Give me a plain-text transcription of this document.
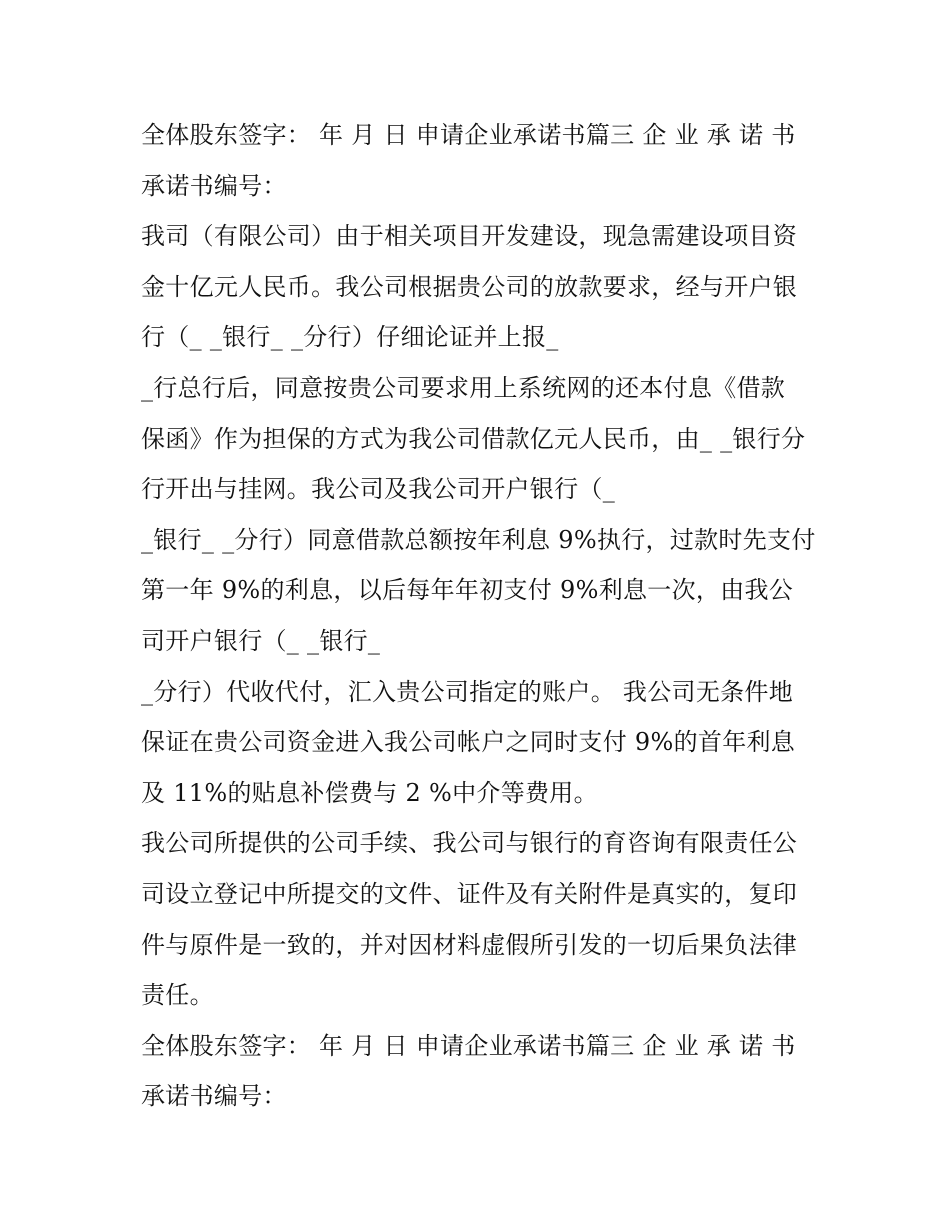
全体股东签字： 年 月 日 申请企业承诺书篇三 企 业 承 诺 书
承诺书编号：
我司（有限公司）由于相关项目开发建设，现急需建设项目资
金十亿元人民币。我公司根据贵公司的放款要求，经与开户银
行（_ _银行_ _分行）仔细论证并上报_
_行总行后，同意按贵公司要求用上系统网的还本付息《借款
保函》作为担保的方式为我公司借款亿元人民币，由_ _银行分
行开出与挂网。我公司及我公司开户银行（_
_银行_ _分行）同意借款总额按年利息 9%执行，过款时先支付
第一年 9%的利息，以后每年年初支付 9%利息一次，由我公
司开户银行（_ _银行_
_分行）代收代付，汇入贵公司指定的账户。 我公司无条件地
保证在贵公司资金进入我公司帐户之同时支付 9%的首年利息
及 11%的贴息补偿费与 2 %中介等费用。
我公司所提供的公司手续、我公司与银行的育咨询有限责任公
司设立登记中所提交的文件、证件及有关附件是真实的，复印
件与原件是一致的，并对因材料虚假所引发的一切后果负法律
责任。
全体股东签字： 年 月 日 申请企业承诺书篇三 企 业 承 诺 书
承诺书编号：
